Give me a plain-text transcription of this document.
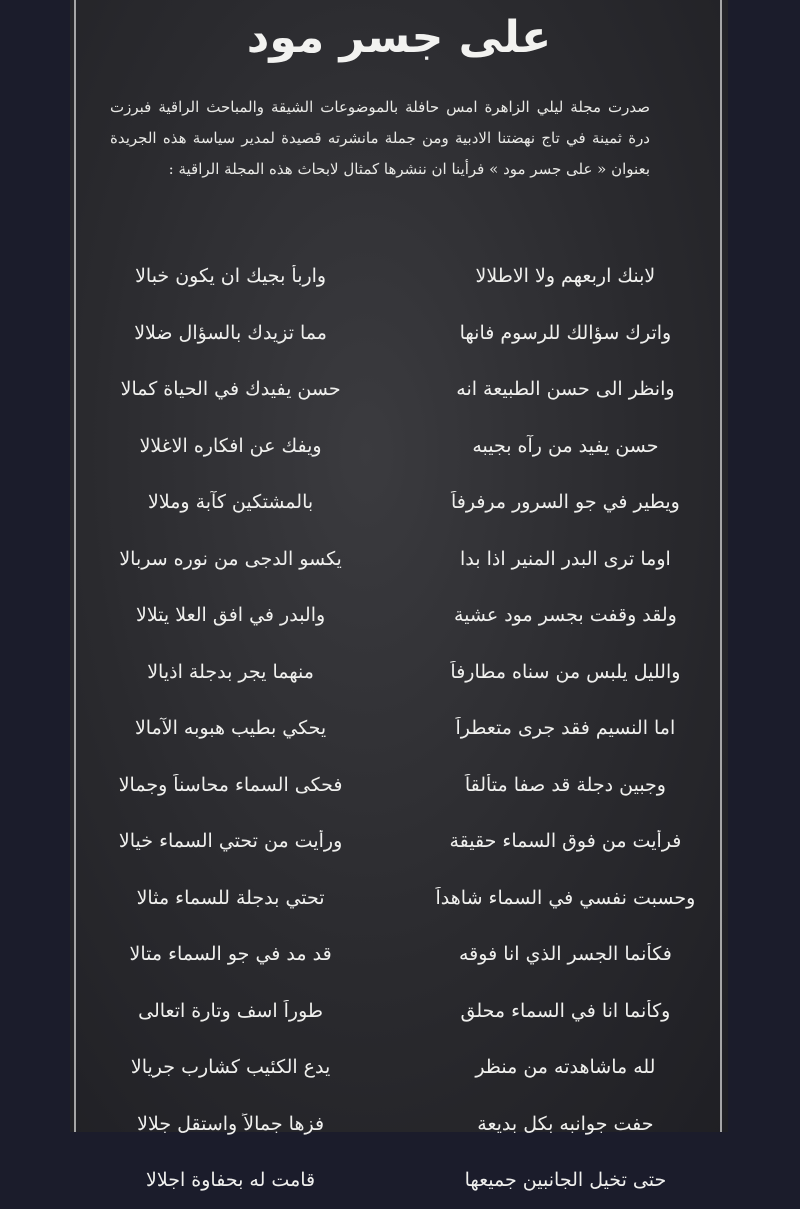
على جسر مود
صدرت مجلة ليلي الزاهرة امس حافلة بالموضوعات الشيقة والمباحث الراقية فبرزت درة ثمينة في تاج نهضتنا الادبية ومن جملة مانشرته قصيدة لمدير سياسة هذه الجريدة بعنوان « على جسر مود » فرأينا ان ننشرها كمثال لابحاث هذه المجلة الراقية :
لابنك اربعهم ولا الاطلالا
واربأ بجيك ان يكون خبالا
واترك سؤالك للرسوم فانها
مما تزيدك بالسؤال ضلالا
وانظر الى حسن الطبيعة انه
حسن يفيدك في الحياة كمالا
حسن يفيد من رآه بجيبه
ويفك عن افكاره الاغلالا
ويطير في جو السرور مرفرفاً
بالمشتكين كآبة وملالا
اوما ترى البدر المنير اذا بدا
يكسو الدجى من نوره سربالا
ولقد وقفت بجسر مود عشية
والبدر في افق العلا يتلالا
والليل يلبس من سناه مطارفاً
منهما يجر بدجلة اذيالا
اما النسيم فقد جرى متعطراً
يحكي بطيب هبوبه الآمالا
وجبين دجلة قد صفا متألقاً
فحكى السماء محاسناً وجمالا
فرأيت من فوق السماء حقيقة
ورأيت من تحتي السماء خيالا
وحسبت نفسي في السماء شاهداً
تحتي بدجلة للسماء مثالا
فكأنما الجسر الذي انا فوقه
قد مد في جو السماء متالا
وكأنما انا في السماء محلق
طوراً اسف وتارة اتعالى
لله ماشاهدته من منظر
يدع الكئيب كشارب جريالا
حفت جوانبه بكل بديعة
فزها جمالاً واستقل جلالا
حتى تخيل الجانبين جميعها
قامت له بحفاوة اجلالا
